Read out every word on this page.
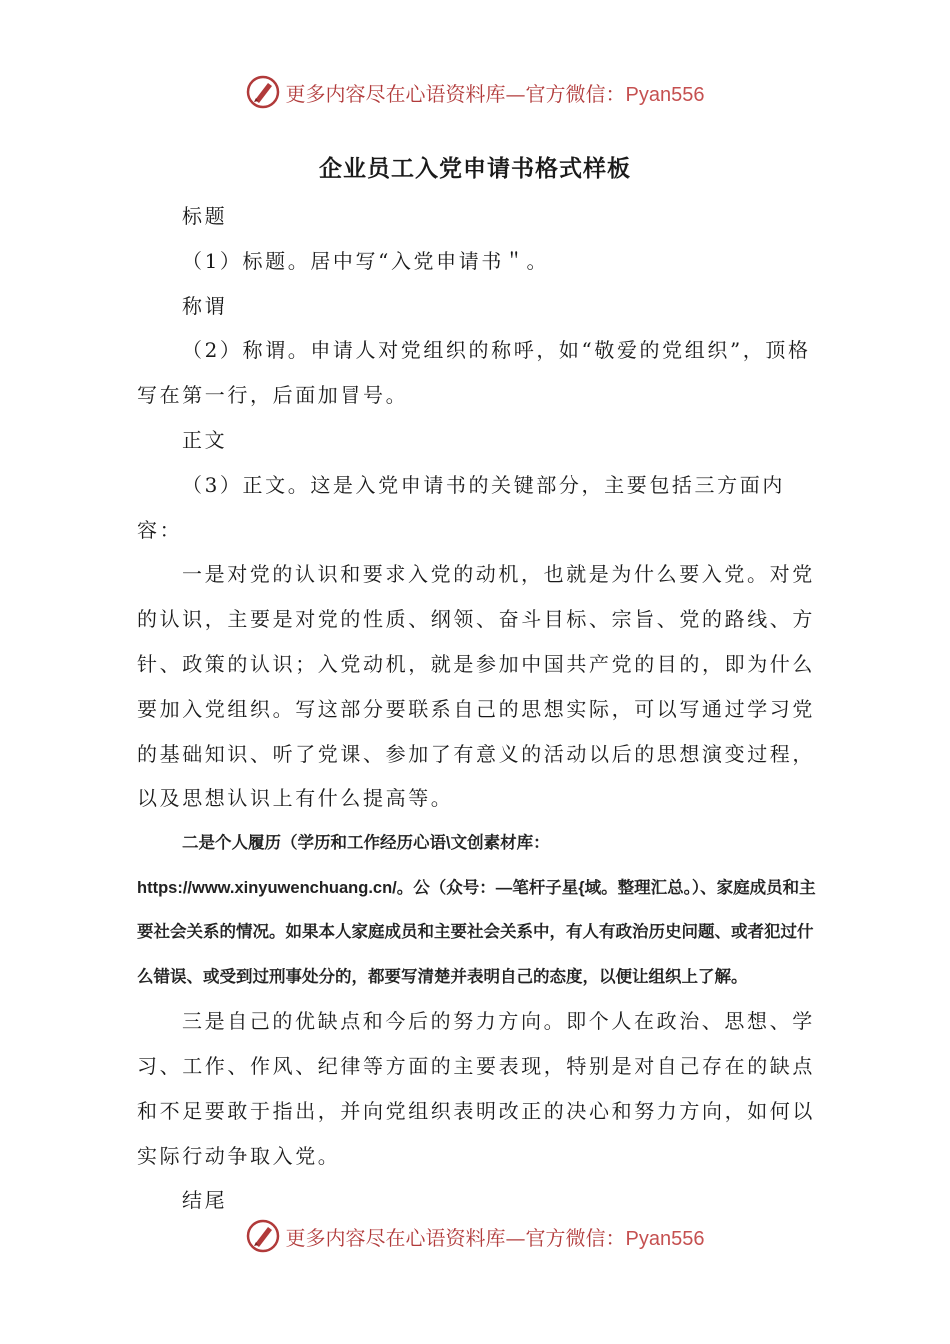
更多内容尽在心语资料库—官方微信：Pyan556
企业员工入党申请书格式样板

标题

（1）标题。居中写“入党申请书＂。

称谓

（2）称谓。申请人对党组织的称呼，如“敬爱的党组织”，顶格写在第一行，后面加冒号。

正文

（3）正文。这是入党申请书的关键部分，主要包括三方面内容：

一是对党的认识和要求入党的动机，也就是为什么要入党。对党的认识，主要是对党的性质、纲领、奋斗目标、宗旨、党的路线、方针、政策的认识；入党动机，就是参加中国共产党的目的，即为什么要加入党组织。写这部分要联系自己的思想实际，可以写通过学习党的基础知识、听了党课、参加了有意义的活动以后的思想演变过程，以及思想认识上有什么提高等。

二是个人履历（学历和工作经历心语\文创素材库：https://www.xinyuwenchuang.cn/。公（众号：—笔杆子星{域。整理汇总。）、家庭成员和主要社会关系的情况。如果本人家庭成员和主要社会关系中，有人有政治历史问题、或者犯过什么错误、或受到过刑事处分的，都要写清楚并表明自己的态度，以便让组织上了解。

三是自己的优缺点和今后的努力方向。即个人在政治、思想、学习、工作、作风、纪律等方面的主要表现，特别是对自己存在的缺点和不足要敢于指出，并向党组织表明改正的决心和努力方向，如何以实际行动争取入党。

结尾

更多内容尽在心语资料库—官方微信：Pyan556
